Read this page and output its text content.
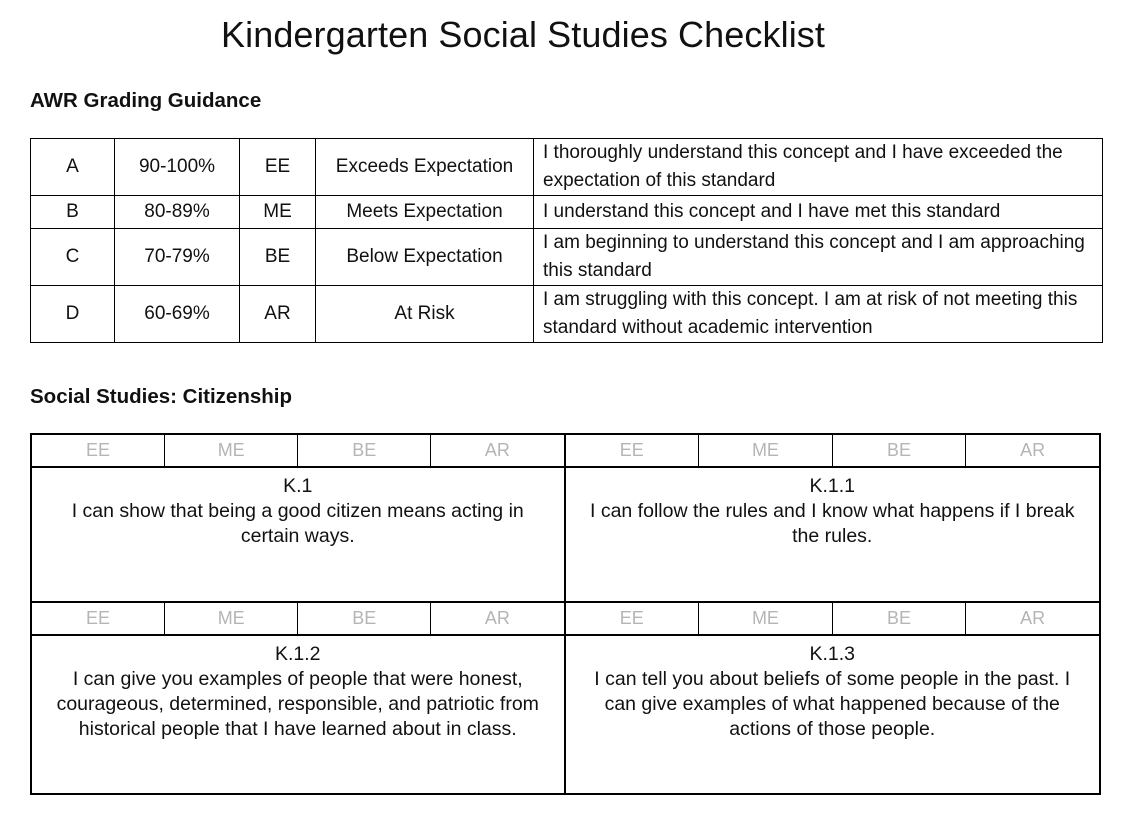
Kindergarten Social Studies Checklist
AWR Grading Guidance
A	90-100%	EE	Exceeds Expectation	I thoroughly understand this concept and I have exceeded the expectation of this standard
B	80-89%	ME	Meets Expectation	I understand this concept and I have met this standard
C	70-79%	BE	Below Expectation	I am beginning to understand this concept and I am approaching this standard
D	60-69%	AR	At Risk	I am struggling with this concept. I am at risk of not meeting this standard without academic intervention
Social Studies: Citizenship
EE	ME	BE	AR
K.1
I can show that being a good citizen means acting in certain ways.
EE	ME	BE	AR
K.1.1
I can follow the rules and I know what happens if I break the rules.
EE	ME	BE	AR
K.1.2
I can give you examples of people that were honest, courageous, determined, responsible, and patriotic from historical people that I have learned about in class.
EE	ME	BE	AR
K.1.3
I can tell you about beliefs of some people in the past. I can give examples of what happened because of the actions of those people.
